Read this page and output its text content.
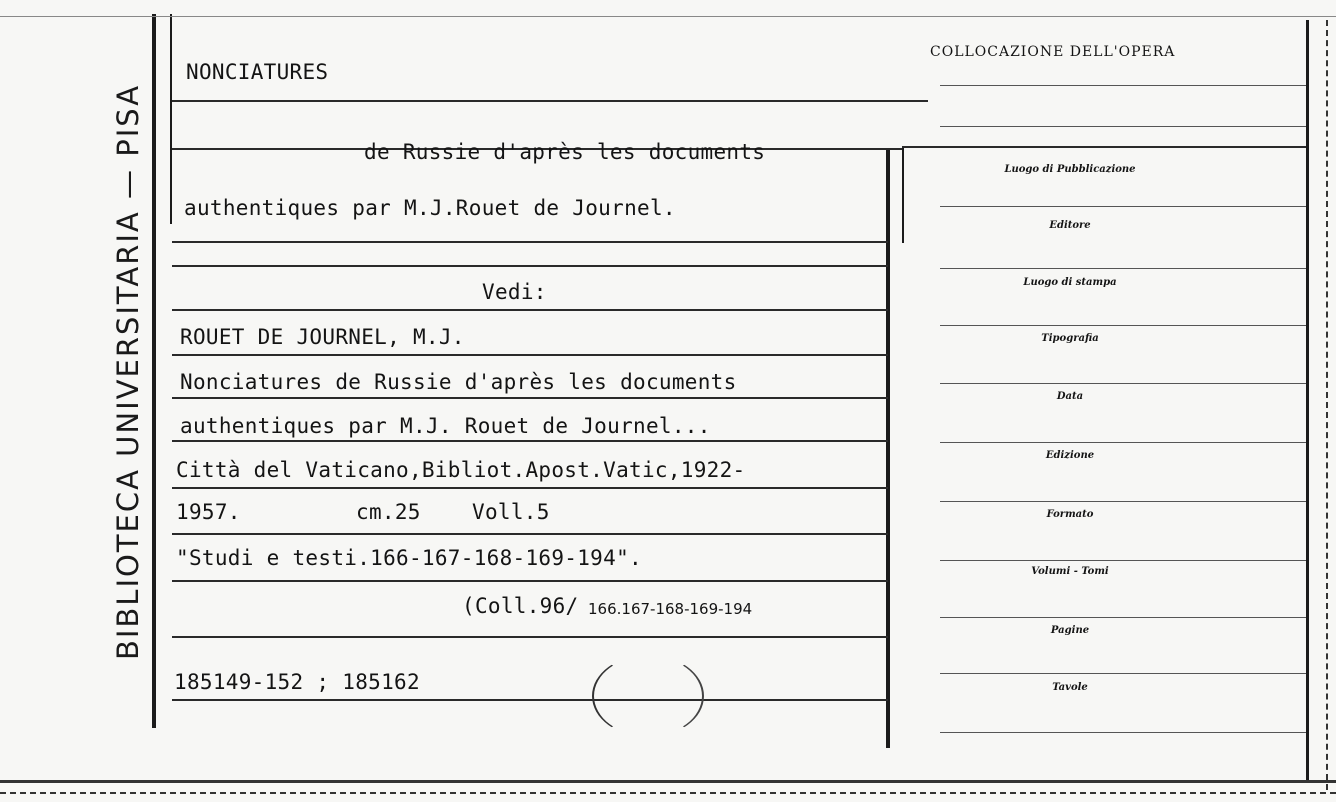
BIBLIOTECA UNIVERSITARIA — PISA
NONCIATURES
de Russie d'après les documents
authentiques par M.J.Rouet de Journel.
Vedi:
ROUET DE JOURNEL, M.J.
Nonciatures de Russie d'après les documents
authentiques par M.J. Rouet de Journel...
Città del Vaticano,Bibliot.Apost.Vatic,1922-
1957.	cm.25 Voll.5
"Studi e testi.166-167-168-169-194".
(Coll.96/ 166.167-168-169-194
185149-152 ; 185162
COLLOCAZIONE DELL'OPERA
Luogo di Pubblicazione
Editore
Luogo di stampa
Tipografia
Data
Edizione
Formato
Volumi - Tomi
Pagine
Tavole
